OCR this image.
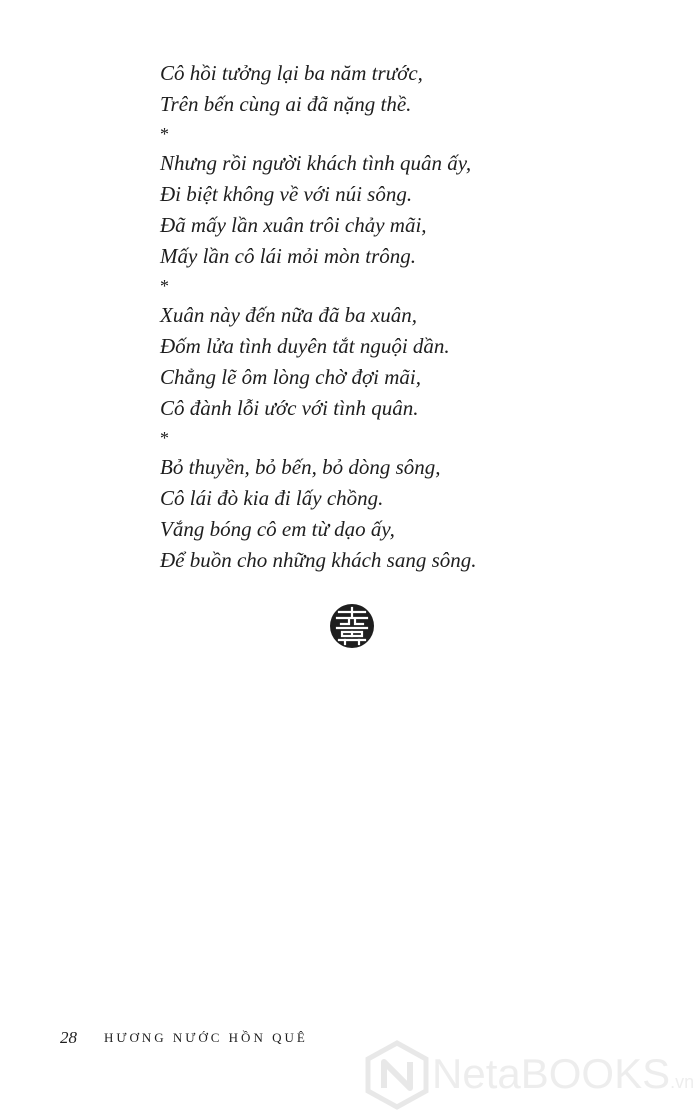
Cô hồi tưởng lại ba năm trước,
Trên bến cùng ai đã nặng thề.
*
Nhưng rồi người khách tình quân ấy,
Đi biệt không về với núi sông.
Đã mấy lần xuân trôi chảy mãi,
Mấy lần cô lái mỏi mòn trông.
*
Xuân này đến nữa đã ba xuân,
Đốm lửa tình duyên tắt nguội dần.
Chẳng lẽ ôm lòng chờ đợi mãi,
Cô đành lỗi ước với tình quân.
*
Bỏ thuyền, bỏ bến, bỏ dòng sông,
Cô lái đò kia đi lấy chồng.
Vắng bóng cô em từ dạo ấy,
Để buồn cho những khách sang sông.
28 HƯƠNG NƯỚC HỒN QUÊ
NetaBOOKS.vn
